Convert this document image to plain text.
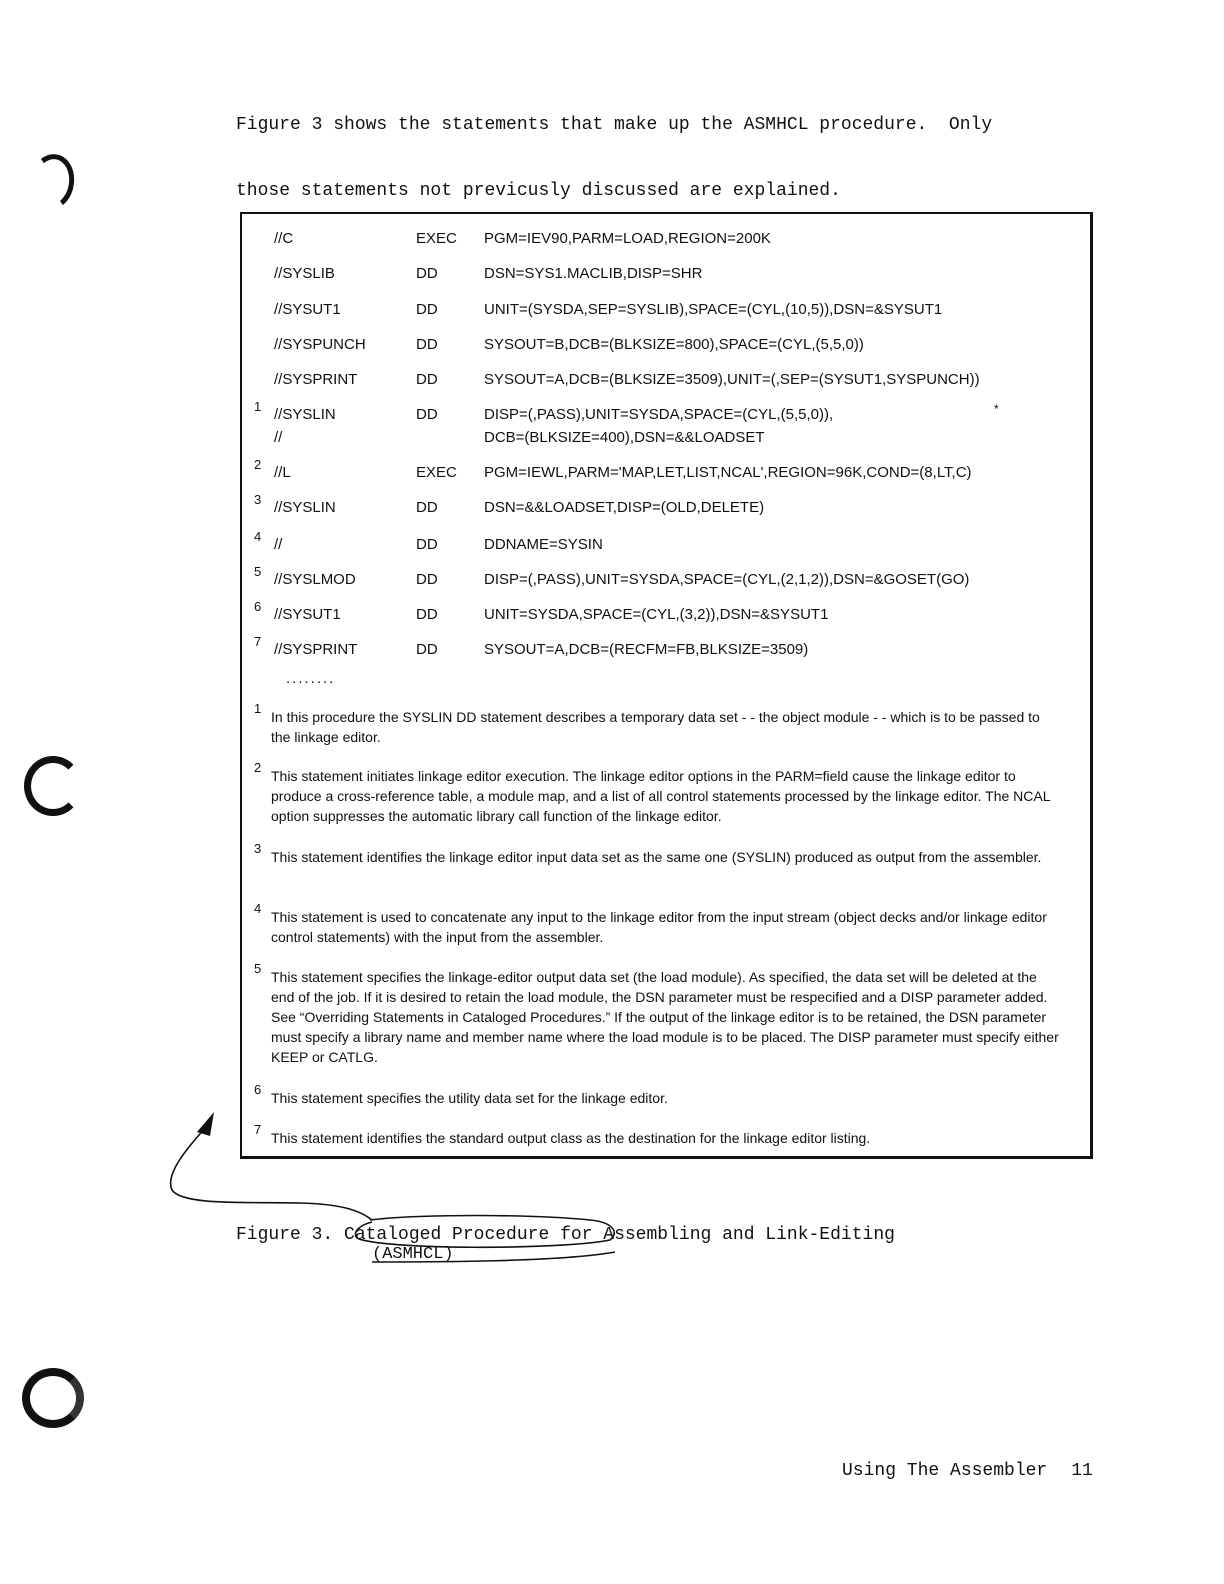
Figure 3 shows the statements that make up the ASMHCL procedure.  Only

those statements not previcusly discussed are explained.

//C	EXEC PGM=IEV90,PARM=LOAD,REGION=200K
//SYSLIB	DD	DSN=SYS1.MACLIB,DISP=SHR
//SYSUT1	DD	UNIT=(SYSDA,SEP=SYSLIB),SPACE=(CYL,(10,5)),DSN=&SYSUT1
//SYSPUNCH	DD	SYSOUT=B,DCB=(BLKSIZE=800),SPACE=(CYL,(5,5,0))
//SYSPRINT	DD	SYSOUT=A,DCB=(BLKSIZE=3509),UNIT=(,SEP=(SYSUT1,SYSPUNCH))
1 //SYSLIN	DD	DISP=(,PASS),UNIT=SYSDA,SPACE=(CYL,(5,5,0)),	*
//	DCB=(BLKSIZE=400),DSN=&&LOADSET
2 //L	EXEC PGM=IEWL,PARM='MAP,LET,LIST,NCAL',REGION=96K,COND=(8,LT,C)
3 //SYSLIN	DD	DSN=&&LOADSET,DISP=(OLD,DELETE)
4 //	DD	DDNAME=SYSIN
5 //SYSLMOD	DD	DISP=(,PASS),UNIT=SYSDA,SPACE=(CYL,(2,1,2)),DSN=&GOSET(GO)
6 //SYSUT1	DD	UNIT=SYSDA,SPACE=(CYL,(3,2)),DSN=&SYSUT1
7 //SYSPRINT	DD	SYSOUT=A,DCB=(RECFM=FB,BLKSIZE=3509)
........
1
In this procedure the SYSLIN DD statement describes a temporary data set - - the object module - - which is to be passed to the linkage editor.
2
This statement initiates linkage editor execution. The linkage editor options in the PARM=field cause the linkage editor to produce a cross-reference table, a module map, and a list of all control statements processed by the linkage editor. The NCAL option suppresses the automatic library call function of the linkage editor.
3
This statement identifies the linkage editor input data set as the same one (SYSLIN) produced as output from the assembler.
4
This statement is used to concatenate any input to the linkage editor from the input stream (object decks and/or linkage editor control statements) with the input from the assembler.
5
This statement specifies the linkage-editor output data set (the load module). As specified, the data set will be deleted at the end of the job. If it is desired to retain the load module, the DSN parameter must be respecified and a DISP parameter added. See “Overriding Statements in Cataloged Procedures.” If the output of the linkage editor is to be retained, the DSN parameter must specify a library name and member name where the load module is to be placed. The DISP parameter must specify either KEEP or CATLG.
6
This statement specifies the utility data set for the linkage editor.
7
This statement identifies the standard output class as the destination for the linkage editor listing.
Figure 3. Cataloged Procedure for Assembling and Link-Editing
(ASMHCL)
Using The Assembler 11
